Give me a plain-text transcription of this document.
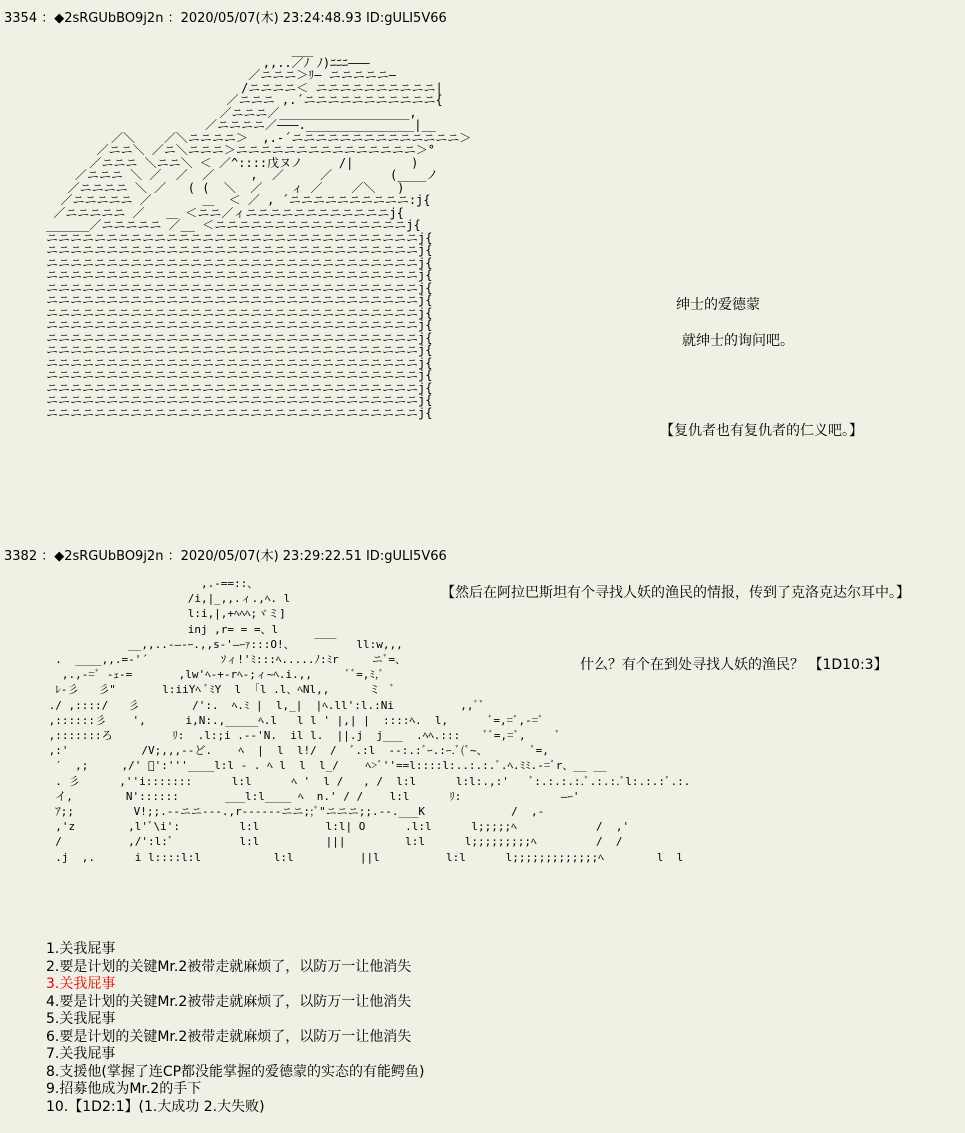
3354 ：◆2sRGUbBO9j2n ：2020/05/07(木) 23:24:48.93 ID:gULI5V66
___
,,..／ﾉ ﾉ)ﾆﾆﾆ―――
／ニニニ＞ﾘ― ニニニニニ―
/ニニニニ＜ ニニニニニニニニニニ|
／ニニニ ,.´ニニニニニニニニニニニ{
／ニニニ／__________________,
／ニニニニ／―――._______________|__
／＼    ／＼ニニニニ＞  ,.‐´ニニニニニニニニニニニニニニ＞
／ニニ＼ ／ニ＼ニニニ＞ニニニニニニニニニニニニニニニ＞°
／ニニニ ＼ニニ＼ ＜ ／^::::戊ヌノ     /|        )
／ニニニ ＼ ／  ／  ／     ,  ／     ／        (____ノ
／ニニニニ ＼ ／   ( (  ＼  ／    ィ ／    ／＼   )
／ニニニニニ ／       ＿  ＜ ／ , ´ニニニニニニニニニニ:j{
／ニニニニニ ／   ＿ ＜ニニ／ィニニニニニニニニニニニニj{
______／ニニニニニ ／__ ＜ニニニニニニニニニニニニニニニニj{
ニニニニニニニニニニニニニニニニニニニニニニニニニニニニニニニj{
ニニニニニニニニニニニニニニニニニニニニニニニニニニニニニニニj{
ニニニニニニニニニニニニニニニニニニニニニニニニニニニニニニニj{
ニニニニニニニニニニニニニニニニニニニニニニニニニニニニニニニj{
ニニニニニニニニニニニニニニニニニニニニニニニニニニニニニニニj{
ニニニニニニニニニニニニニニニニニニニニニニニニニニニニニニニj{
ニニニニニニニニニニニニニニニニニニニニニニニニニニニニニニニj{
ニニニニニニニニニニニニニニニニニニニニニニニニニニニニニニニj{
ニニニニニニニニニニニニニニニニニニニニニニニニニニニニニニニj{
ニニニニニニニニニニニニニニニニニニニニニニニニニニニニニニニj{
ニニニニニニニニニニニニニニニニニニニニニニニニニニニニニニニj{
ニニニニニニニニニニニニニニニニニニニニニニニニニニニニニニニj{
ニニニニニニニニニニニニニニニニニニニニニニニニニニニニニニニj{
ニニニニニニニニニニニニニニニニニニニニニニニニニニニニニニニj{
ニニニニニニニニニニニニニニニニニニニニニニニニニニニニニニニj{
绅士的爱德蒙
就绅士的询问吧。
【复仇者也有复仇者的仁义吧。】
3382 ：◆2sRGUbBO9j2n ：2020/05/07(木) 23:29:22.51 ID:gULI5V66
,.-==::、
/i,|_,,.ィ.,ﾍ. l
l:i,|,+ﾍﾍﾍ;ヾミ]
inj ,r= = =、l
__,,..-―-ｰ.,,s-'―ｰｧ:::O!、   ￣￣   ll:w,,,
.  ____,,.=-'´           ｿィ!'ﾐ:::ﾍ.....ﾉ:ﾐr     ニﾞ=、
,.,-=ﾞ -ｪ-=       ,lw'ﾍ-+-rﾍ-;ィ~ﾍ.i.,,     ﾞﾞ=,ﾐ,ﾞ
ﾚ-彡   彡"       l:iiYﾍ ﾞﾐY  l  ｢l .l、ﾍNl,,      ミ  ﾞ
./ ,::::/   彡        /':.  ﾍ.ﾐ |  l,_|  |ﾍ.ll':l.:Ni          ,,ﾞﾞ
,::::::彡    ',      i,N:.,_____ﾍ.l   l l ' |,| |  ::::ﾍ.  l,      ﾞ=,=ﾞ,-=ﾞ
,:::::::ろ         ﾘ:  .l:;i .-‐'N.  il l.  ||.j  j___  .ﾍﾍ.:::    ﾞﾞ=,=ﾞ,     ﾞ
,:'           /V;,,,--ど.    ﾍ  |  l  l!/  /  ﾞ.:l  --:.:ﾞｰ.:ｰ.ﾞ(ﾞ~、       ﾞ=,
′  ,;     ,/' ﾞ':'''____l:l ‐ . ﾍ l  l  l_/    ﾍ>ﾞ''==l::::l:..:.:.ﾞ.ﾍ.ﾐﾐ.-=ﾞr、__ __
. 彡      ,''i:::::::      l:l      ﾍ '  l /   , /  l:l      l:l:.,:'   ﾞ:.:.:.:.ﾞ.:.:.ﾞl:.:.:ﾞ.:.
イ,        N'::::::       ___l:l____ ﾍ  n.' / /    l:l      ﾘ:               ―ｰ'
ｱ;;         V!;;.--ニニ---.,r------ニニ;;ﾞ"ニニニ;;.--.___K             /  ,-
,'z        ,l'ﾞ\i':         l:l          l:l| O      .l:l      l;;;;;ﾍ            /  ,'
/          ,/':l:ﾞ          l:l          |||         l:l      l;;;;;;;;;ﾍ         /  /
.j  ,.      i l::::l:l           l:l          ||l          l:l      l;;;;;;;;;;;;;ﾍ        l  l
【然后在阿拉巴斯坦有个寻找人妖的渔民的情报，传到了克洛克达尔耳中。】
什么？有个在到处寻找人妖的渔民？ 【1D10:3】
1.关我屁事
2.要是计划的关键Mr.2被带走就麻烦了，以防万一让他消失
3.关我屁事
4.要是计划的关键Mr.2被带走就麻烦了，以防万一让他消失
5.关我屁事
6.要是计划的关键Mr.2被带走就麻烦了，以防万一让他消失
7.关我屁事
8.支援他(掌握了连CP都没能掌握的爱德蒙的实态的有能鳄鱼)
9.招募他成为Mr.2的手下
10.【1D2:1】(1.大成功 2.大失败)
